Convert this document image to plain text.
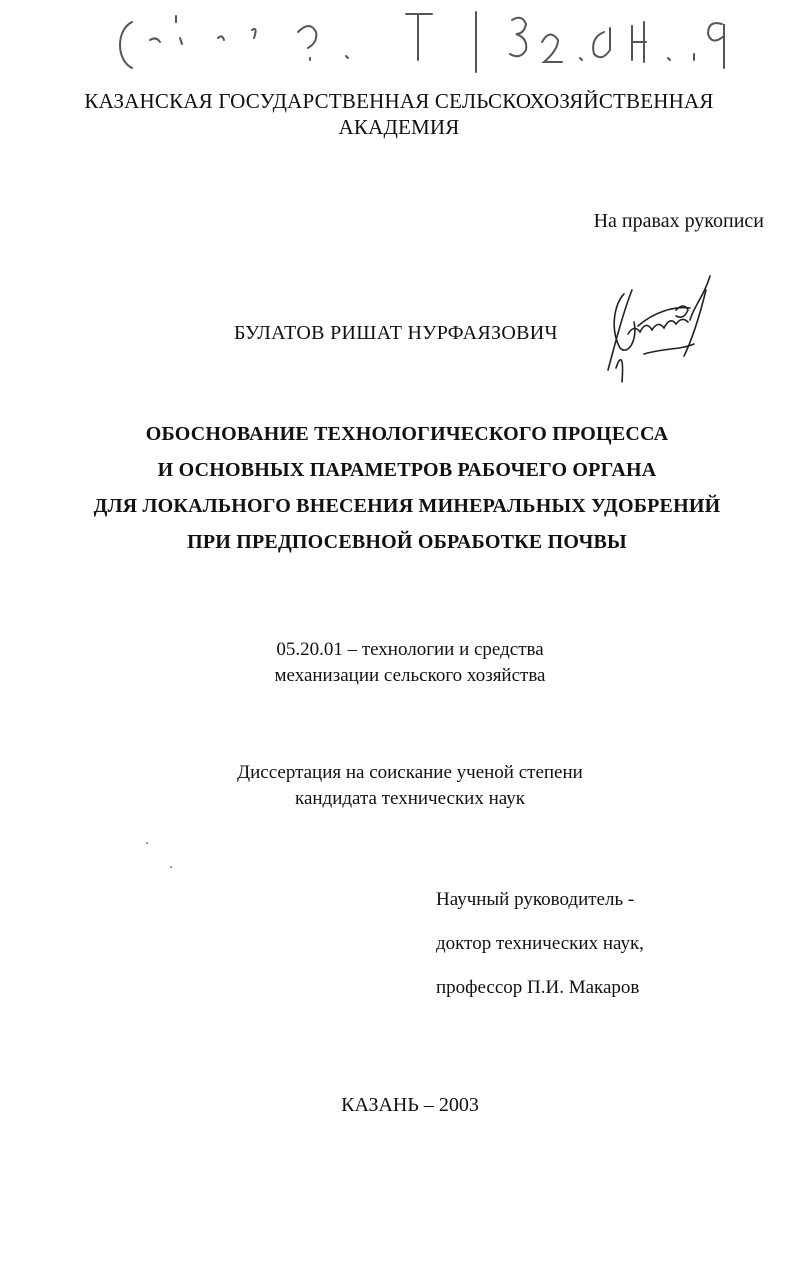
КАЗАНСКАЯ ГОСУДАРСТВЕННАЯ СЕЛЬСКОХОЗЯЙСТВЕННАЯ
АКАДЕМИЯ
На правах рукописи
БУЛАТОВ РИШАТ НУРФАЯЗОВИЧ
ОБОСНОВАНИЕ ТЕХНОЛОГИЧЕСКОГО ПРОЦЕССА
И ОСНОВНЫХ ПАРАМЕТРОВ РАБОЧЕГО ОРГАНА
ДЛЯ ЛОКАЛЬНОГО ВНЕСЕНИЯ МИНЕРАЛЬНЫХ УДОБРЕНИЙ
ПРИ ПРЕДПОСЕВНОЙ ОБРАБОТКЕ ПОЧВЫ
05.20.01 – технологии и средства
механизации сельского хозяйства
Диссертация на соискание ученой степени
кандидата технических наук
Научный руководитель -
доктор технических наук,
профессор П.И. Макаров
КАЗАНЬ – 2003
